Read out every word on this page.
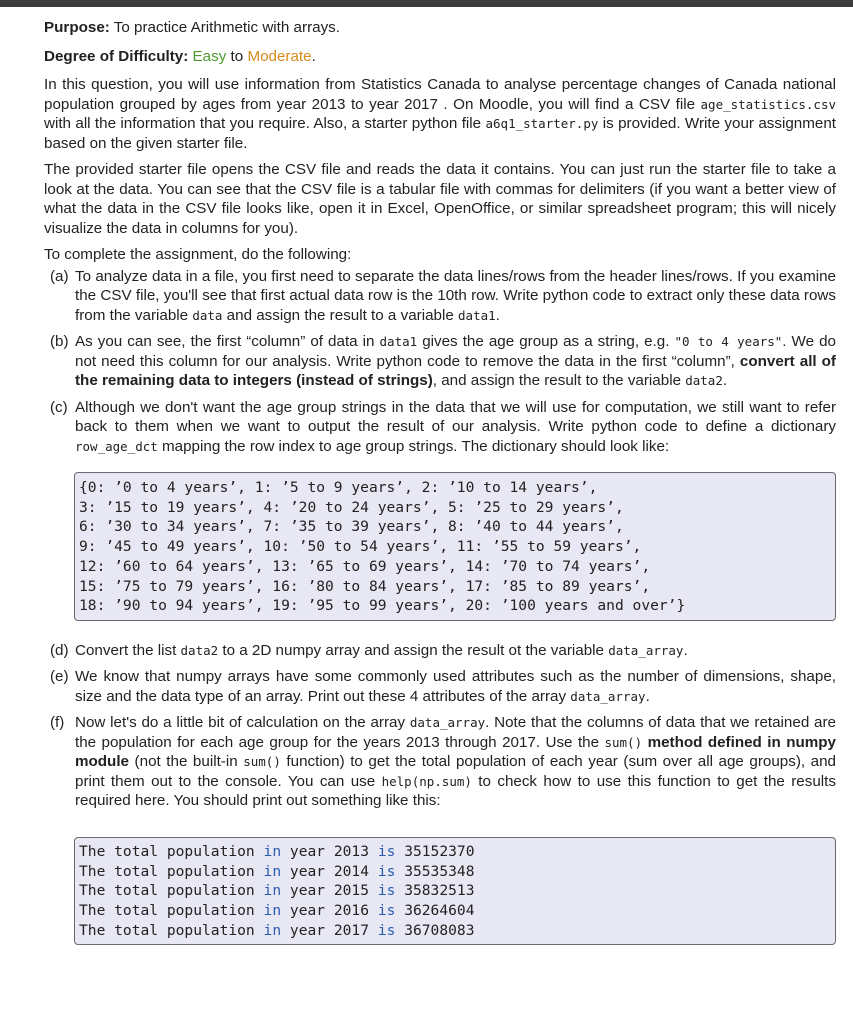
Purpose: To practice Arithmetic with arrays.

Degree of Difficulty: Easy to Moderate.

In this question, you will use information from Statistics Canada to analyse percentage changes of Canada national population grouped by ages from year 2013 to year 2017 . On Moodle, you will find a CSV file age_statistics.csv with all the information that you require. Also, a starter python file a6q1_starter.py is provided. Write your assignment based on the given starter file.

The provided starter file opens the CSV file and reads the data it contains. You can just run the starter file to take a look at the data. You can see that the CSV file is a tabular file with commas for delimiters (if you want a better view of what the data in the CSV file looks like, open it in Excel, OpenOffice, or similar spreadsheet program; this will nicely visualize the data in columns for you).

To complete the assignment, do the following:

(a) To analyze data in a file, you first need to separate the data lines/rows from the header lines/rows. If you examine the CSV file, you'll see that first actual data row is the 10th row. Write python code to extract only these data rows from the variable data and assign the result to a variable data1.
(b) As you can see, the first “column” of data in data1 gives the age group as a string, e.g. "0 to 4 years". We do not need this column for our analysis. Write python code to remove the data in the first “column”, convert all of the remaining data to integers (instead of strings), and assign the result to the variable data2.
(c) Although we don't want the age group strings in the data that we will use for computation, we still want to refer back to them when we want to output the result of our analysis. Write python code to define a dictionary row_age_dct mapping the row index to age group strings. The dictionary should look like:
{0: ’0 to 4 years’, 1: ’5 to 9 years’, 2: ’10 to 14 years’,
3: ’15 to 19 years’, 4: ’20 to 24 years’, 5: ’25 to 29 years’,
6: ’30 to 34 years’, 7: ’35 to 39 years’, 8: ’40 to 44 years’,
9: ’45 to 49 years’, 10: ’50 to 54 years’, 11: ’55 to 59 years’,
12: ’60 to 64 years’, 13: ’65 to 69 years’, 14: ’70 to 74 years’,
15: ’75 to 79 years’, 16: ’80 to 84 years’, 17: ’85 to 89 years’,
18: ’90 to 94 years’, 19: ’95 to 99 years’, 20: ’100 years and over’}
(d) Convert the list data2 to a 2D numpy array and assign the result ot the variable data_array.
(e) We know that numpy arrays have some commonly used attributes such as the number of dimensions, shape, size and the data type of an array. Print out these 4 attributes of the array data_array.
(f) Now let's do a little bit of calculation on the array data_array. Note that the columns of data that we retained are the population for each age group for the years 2013 through 2017. Use the sum() method defined in numpy module (not the built-in sum() function) to get the total population of each year (sum over all age groups), and print them out to the console. You can use help(np.sum) to check how to use this function to get the results required here. You should print out something like this:
The total population in year 2013 is 35152370
The total population in year 2014 is 35535348
The total population in year 2015 is 35832513
The total population in year 2016 is 36264604
The total population in year 2017 is 36708083
